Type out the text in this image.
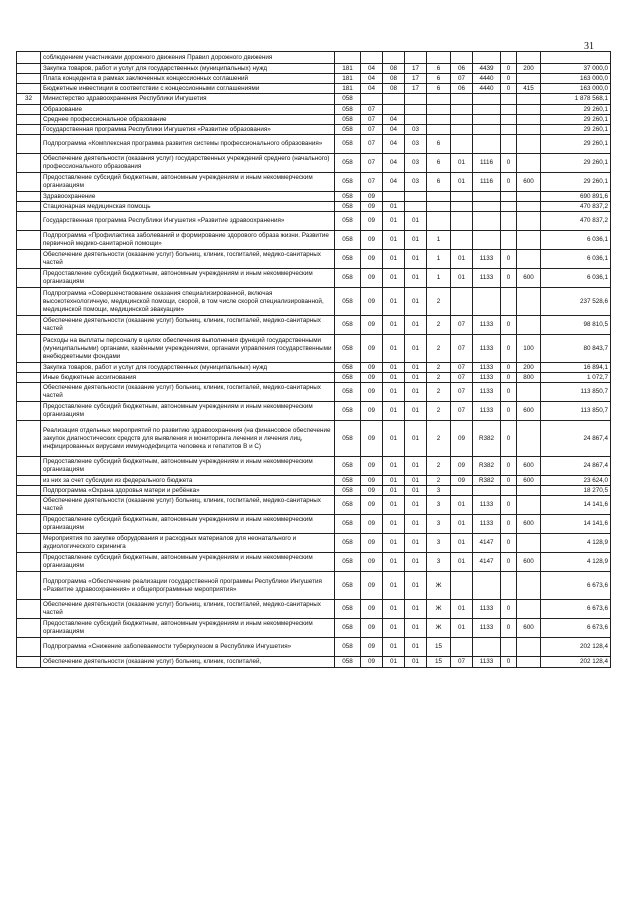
31
	соблюдением участниками дорожного движения Правил дорожного движения										
	Закупка товаров, работ и услуг для государственных (муниципальных) нужд	181	04	08	17	6	06	4439	0	200	37 000,0
	Плата концедента в рамках заключенных концессионных соглашений	181	04	08	17	6	07	4440	0		163 000,0
	Бюджетные инвестиции в соответствии с концессионными соглашениями	181	04	08	17	6	06	4440	0	415	163 000,0
32	Министерство здравоохранения Республики Ингушетия	058									1 878 568,1
	Образование	058	07								29 260,1
	Среднее профессиональное образование	058	07	04							29 260,1
	Государственная программа Республики Ингушетия «Развитие образования»	058	07	04	03						29 260,1
	Подпрограмма «Комплексная программа развития системы профессионального образования»	058	07	04	03	6					29 260,1
	Обеспечение деятельности (оказания услуг) государственных учреждений среднего (начального) профессионального образования	058	07	04	03	6	01	1116	0		29 260,1
	Предоставление субсидий бюджетным, автономным учреждениям и иным некоммерческим организациям	058	07	04	03	6	01	1116	0	600	29 260,1
	Здравоохранение	058	09								690 891,6
	Стационарная медицинская помощь	058	09	01							470 837,2
	Государственная программа Республики Ингушетия «Развитие здравоохранения»	058	09	01	01						470 837,2
	Подпрограмма «Профилактика заболеваний и формирование здорового образа жизни. Развитие первичной медико-санитарной помощи»	058	09	01	01	1					6 036,1
	Обеспечение деятельности (оказание услуг) больниц, клиник, госпиталей, медико-санитарных частей	058	09	01	01	1	01	1133	0		6 036,1
	Предоставление субсидий бюджетным, автономным учреждениям и иным некоммерческим организациям	058	09	01	01	1	01	1133	0	600	6 036,1
	Подпрограмма «Совершенствование оказания специализированной, включая высокотехнологичную, медицинской помощи, скорой, в том числе скорой специализированной, медицинской помощи, медицинской эвакуации»	058	09	01	01	2					237 528,6
	Обеспечение деятельности (оказание услуг) больниц, клиник, госпиталей, медико-санитарных частей	058	09	01	01	2	07	1133	0		98 810,5
	Расходы на выплаты персоналу в целях обеспечения выполнения функций государственными (муниципальными) органами, казёнными учреждениями, органами управления государственными внебюджетными фондами	058	09	01	01	2	07	1133	0	100	80 843,7
	Закупка товаров, работ и услуг для государственных (муниципальных) нужд	058	09	01	01	2	07	1133	0	200	16 894,1
	Иные бюджетные ассигнования	058	09	01	01	2	07	1133	0	800	1 072,7
	Обеспечение деятельности (оказание услуг) больниц, клиник, госпиталей, медико-санитарных частей	058	09	01	01	2	07	1133	0		113 850,7
	Предоставление субсидий бюджетным, автономным учреждениям и иным некоммерческим организациям	058	09	01	01	2	07	1133	0	600	113 850,7
	Реализация отдельных мероприятий по развитию здравоохранения (на финансовое обеспечение закупок диагностических средств для выявления и мониторинга лечения и лечения лиц, инфицированных вирусами иммунодефицита человека и гепатитов В и С)	058	09	01	01	2	09	R382	0		24 867,4
	Предоставление субсидий бюджетным, автономным учреждениям и иным некоммерческим организациям	058	09	01	01	2	09	R382	0	600	24 867,4
	из них за счет субсидии из федерального бюджета	058	09	01	01	2	09	R382	0	600	23 624,0
	Подпрограмма «Охрана здоровья матери и ребёнка»	058	09	01	01	3					18 270,5
	Обеспечение деятельности (оказание услуг) больниц, клиник, госпиталей, медико-санитарных частей	058	09	01	01	3	01	1133	0		14 141,6
	Предоставление субсидий бюджетным, автономным учреждениям и иным некоммерческим организациям	058	09	01	01	3	01	1133	0	600	14 141,6
	Мероприятия по закупке оборудования и расходных материалов для неонатального и аудиологического скрининга	058	09	01	01	3	01	4147	0		4 128,9
	Предоставление субсидий бюджетным, автономным учреждениям и иным некоммерческим организациям	058	09	01	01	3	01	4147	0	600	4 128,9
	Подпрограмма «Обеспечение реализации государственной программы Республики Ингушетия «Развитие здравоохранения» и общепрограммные мероприятия»	058	09	01	01	Ж					6 673,6
	Обеспечение деятельности (оказание услуг) больниц, клиник, госпиталей, медико-санитарных частей	058	09	01	01	Ж	01	1133	0		6 673,6
	Предоставление субсидий бюджетным, автономным учреждениям и иным некоммерческим организациям	058	09	01	01	Ж	01	1133	0	600	6 673,6
	Подпрограмма «Снижение заболеваемости туберкулезом в Республике Ингушетия»	058	09	01	01	15					202 128,4
	Обеспечение деятельности (оказание услуг) больниц, клиник, госпиталей,	058	09	01	01	15	07	1133	0		202 128,4
